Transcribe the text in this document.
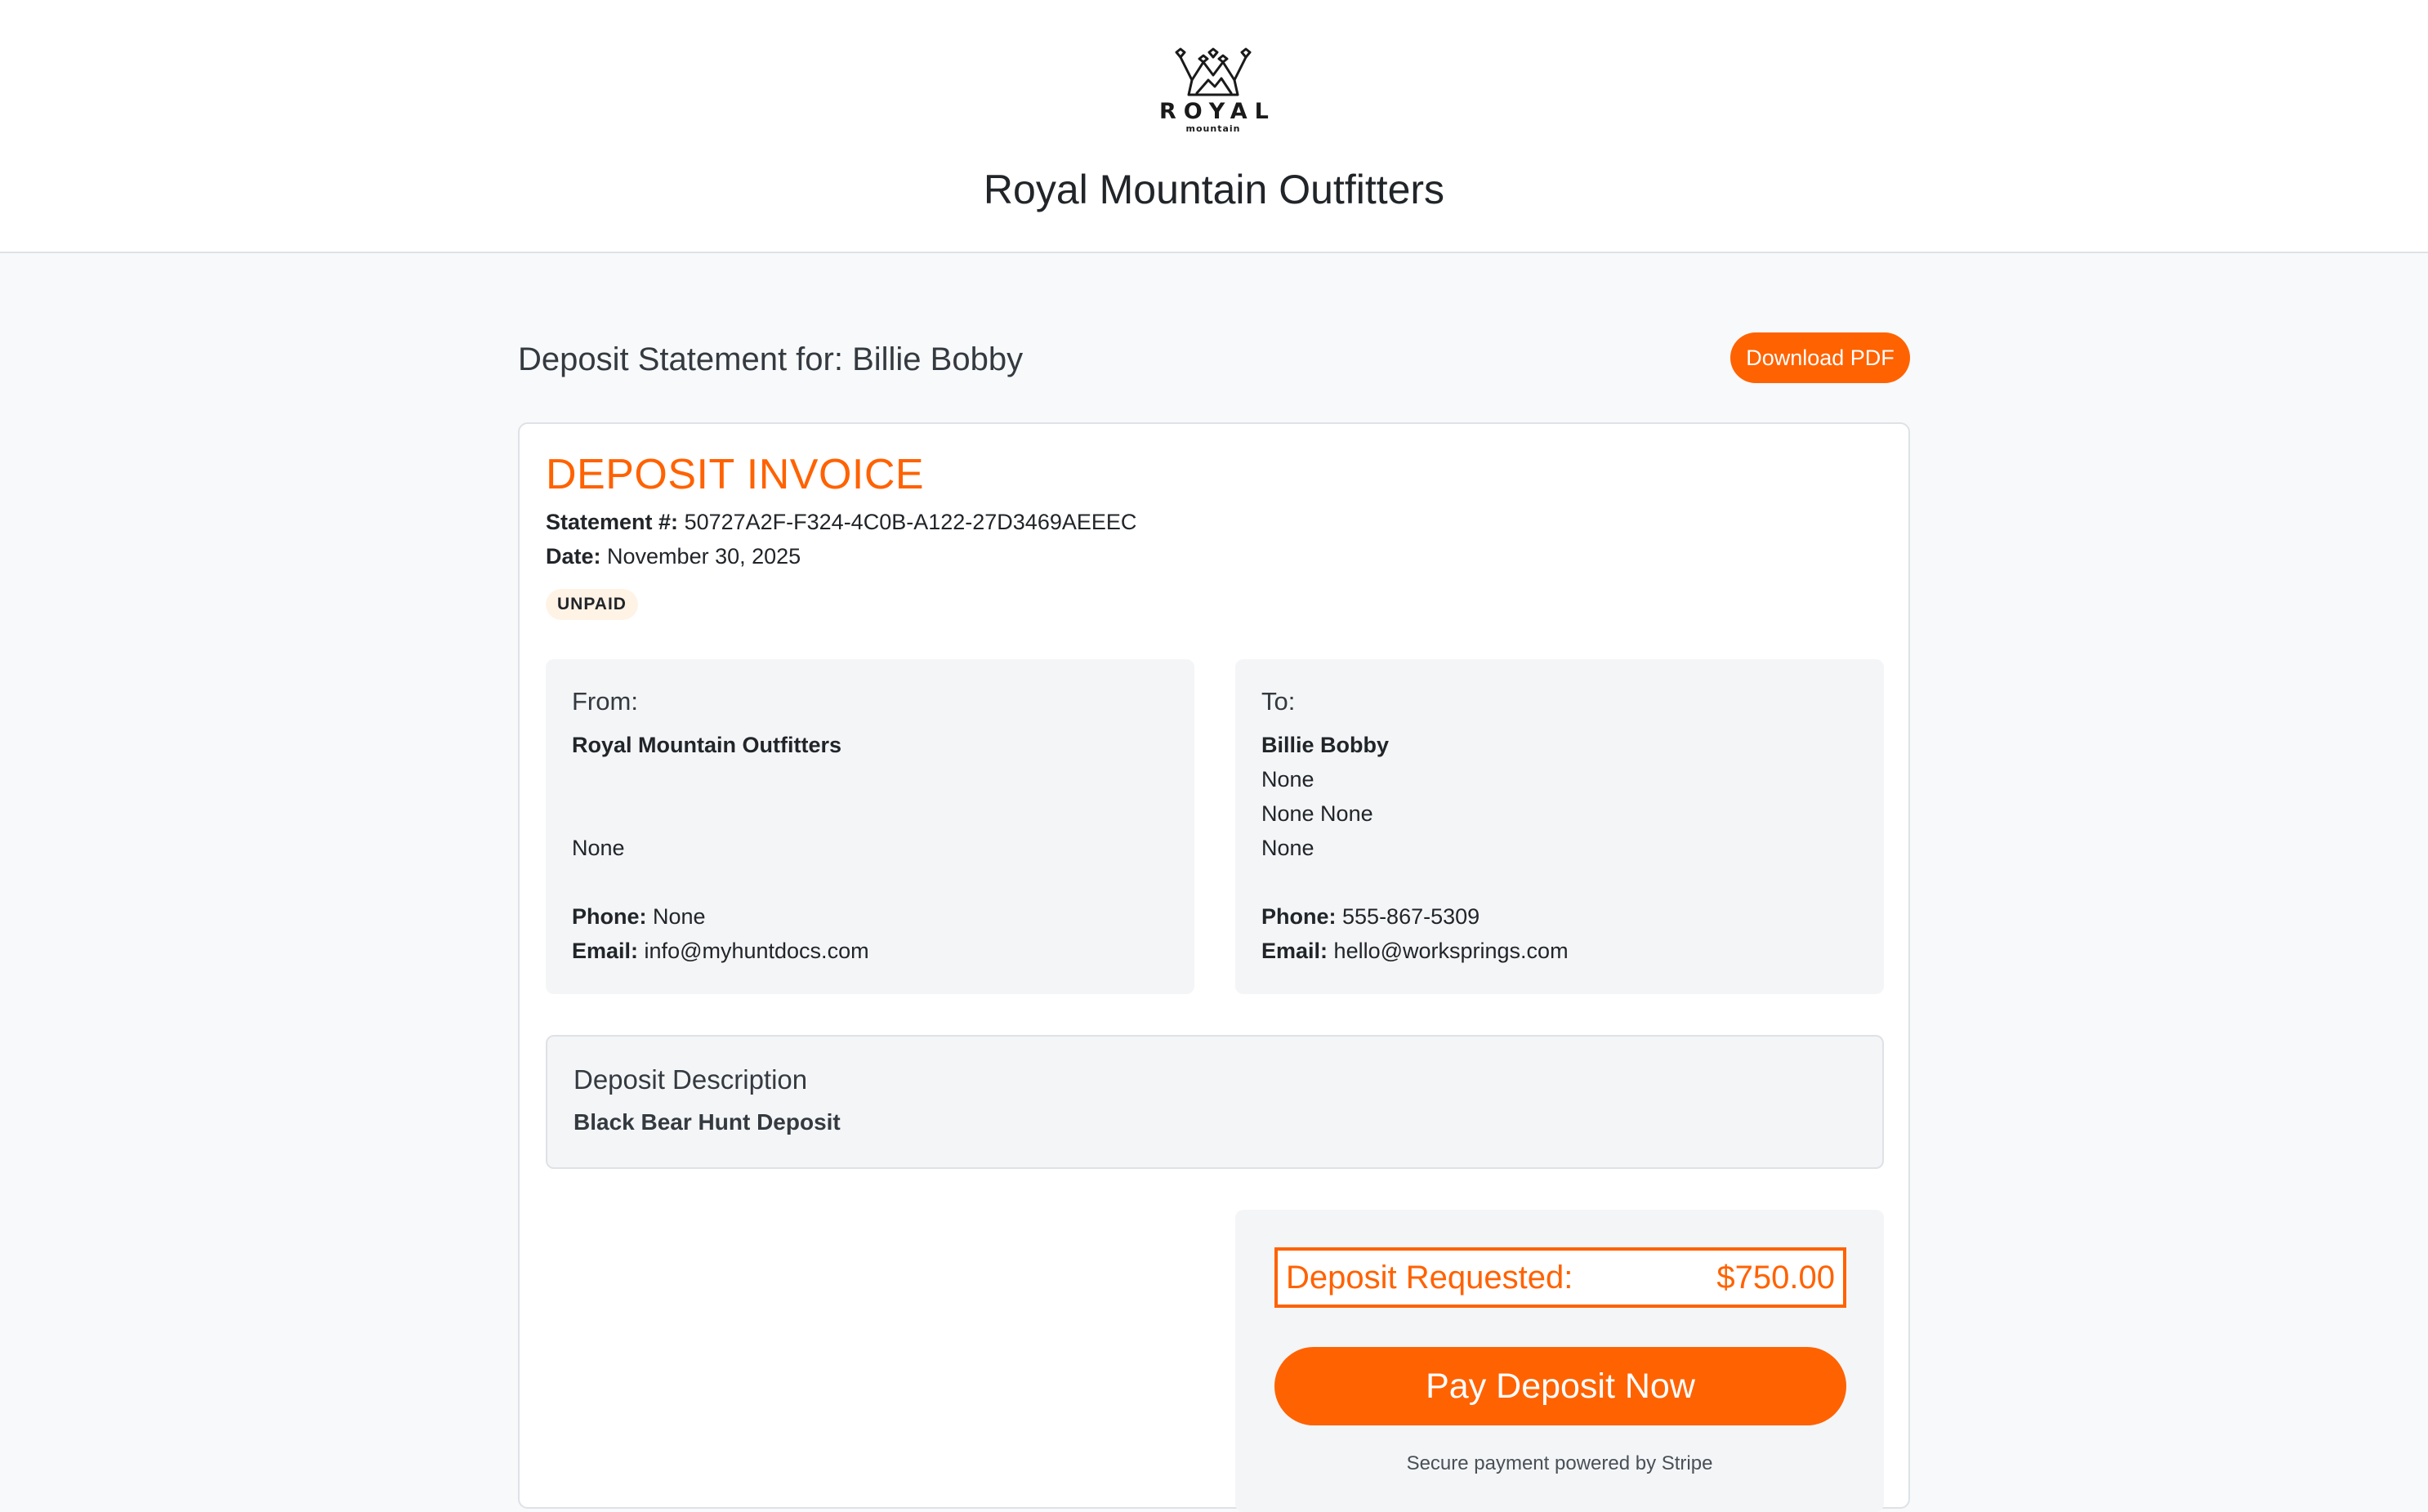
ROYAL
mountain
Royal Mountain Outfitters
Deposit Statement for: Billie Bobby	Download PDF
DEPOSIT INVOICE
Statement #: 50727A2F-F324-4C0B-A122-27D3469AEEEC
Date: November 30, 2025
UNPAID
From:
Royal Mountain Outfitters
None
Phone: None
Email: info@myhuntdocs.com
To:
Billie Bobby
None
None None
None
Phone: 555-867-5309
Email: hello@worksprings.com
Deposit Description
Black Bear Hunt Deposit
Deposit Requested:	$750.00
Pay Deposit Now
Secure payment powered by Stripe
